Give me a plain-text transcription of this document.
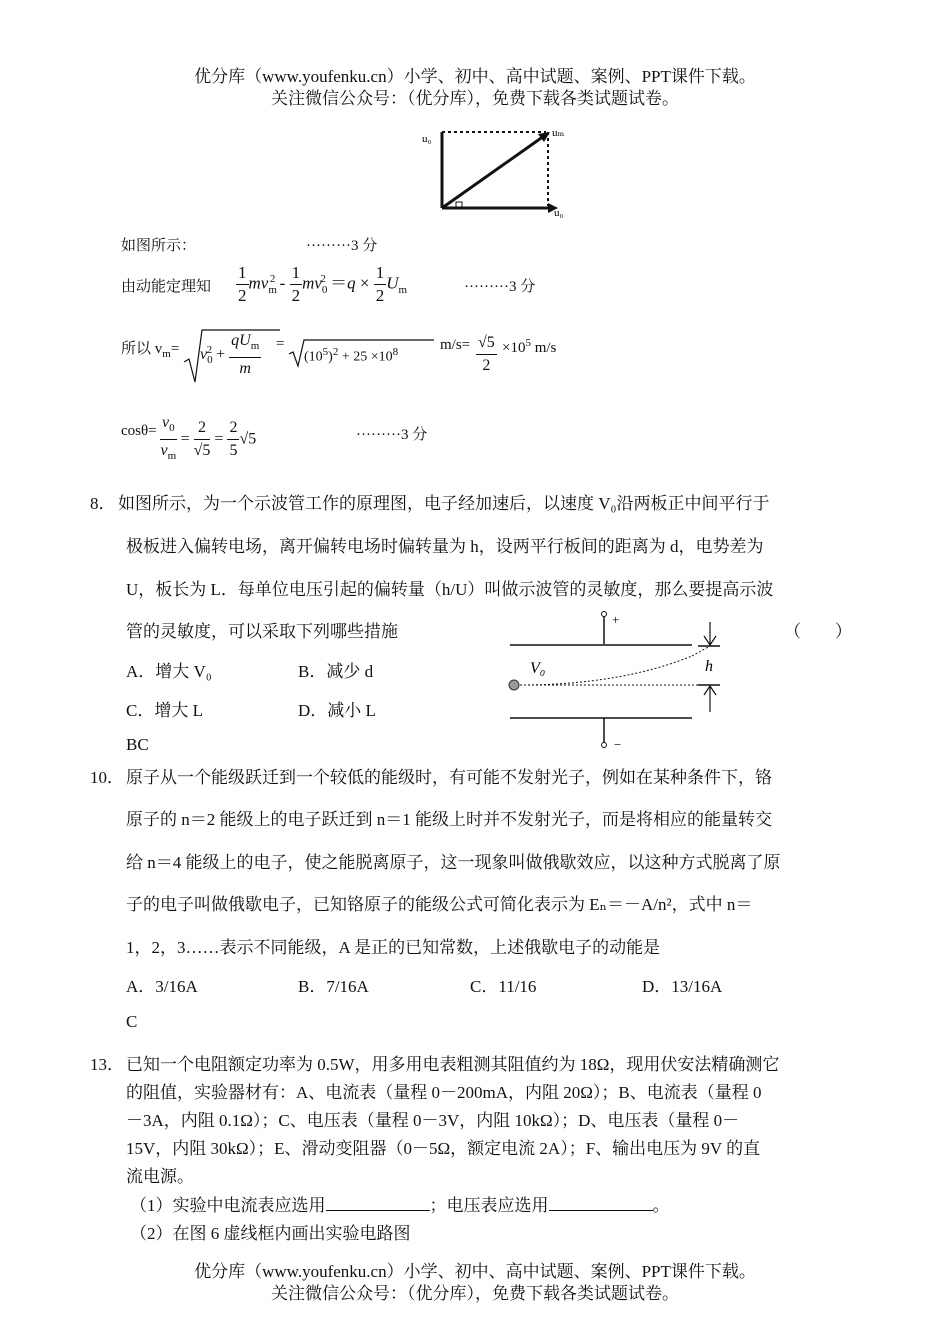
优分库（www.youfenku.cn）小学、初中、高中试题、案例、PPT课件下载。
关注微信公众号：（优分库），免费下载各类试题试卷。
u₀	uₘ
u₀
如图所示：	·········3 分
由动能定理知 $\frac{1}{2} mv_m^2 - \frac{1}{2} mv_0^2 =q \times \frac{1}{2} U_m$	·········3 分
所以 $v_m= v_0^2 + \frac{qU_m}{m}$ =
$(10^5)^2 + 25 \times 10^8$	$m/s= \frac{√5}{2} \times 10^5$ m/s
$\cos\theta= \frac{v_0}{v_m} = \frac{2}{√5} = \frac{2}{5} √5$	·········3 分
8． 如图所示，为一个示波管工作的原理图，电子经加速后，以速度 V₀沿两板正中间平行于
极板进入偏转电场，离开偏转电场时偏转量为 h，设两平行板间的距离为 d，电势差为
U，板长为 L．每单位电压引起的偏转量（h/U）叫做示波管的灵敏度，那么要提高示波
管的灵敏度，可以采取下列哪些措施	（　　）
A．增大 V₀	B．减少 d
C．增大 L	D．减小 L
BC
+
−
V₀	h
10． 原子从一个能级跃迁到一个较低的能级时，有可能不发射光子，例如在某种条件下，铬
原子的 n＝2 能级上的电子跃迁到 n＝1 能级上时并不发射光子，而是将相应的能量转交
给 n＝4 能级上的电子，使之能脱离原子，这一现象叫做俄歇效应，以这种方式脱离了原
子的电子叫做俄歇电子，已知铬原子的能级公式可简化表示为 Eₙ＝－A/n²，式中 n＝
1，2，3……表示不同能级，A 是正的已知常数，上述俄歇电子的动能是
A．3/16A	B．7/16A	C．11/16	D．13/16A
C
13． 已知一个电阻额定功率为 0.5W，用多用电表粗测其阻值约为 18Ω，现用伏安法精确测它
的阻值，实验器材有：A、电流表（量程 0－200mA，内阻 20Ω）；B、电流表（量程 0
－3A，内阻 0.1Ω）；C、电压表（量程 0－3V，内阻 10kΩ）；D、电压表（量程 0－
15V，内阻 30kΩ）；E、滑动变阻器（0－5Ω，额定电流 2A）；F、输出电压为 9V 的直
流电源。
（1）实验中电流表应选用	；电压表应选用	。
（2）在图 6 虚线框内画出实验电路图
优分库（www.youfenku.cn）小学、初中、高中试题、案例、PPT课件下载。
关注微信公众号：（优分库），免费下载各类试题试卷。
